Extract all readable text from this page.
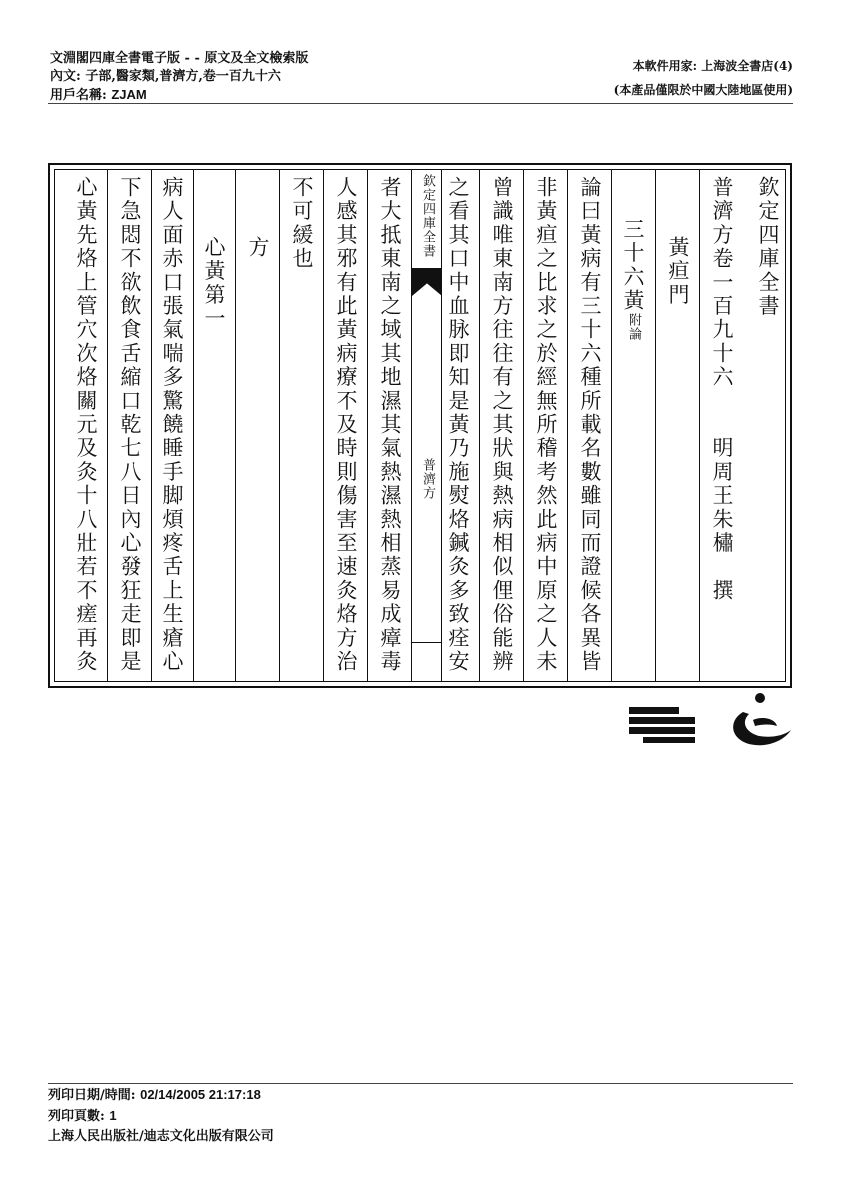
文淵閣四庫全書電子版 - - 原文及全文檢索版
內文: 子部,醫家類,普濟方,卷一百九十六
用戶名稱: ZJAM
本軟件用家: 上海波全書店(4)
(本產品僅限於中國大陸地區使用)
欽定四庫全書
普濟方卷一百九十六　　明周王朱橚　撰
黃疸門
三十六黃附論
論曰黃病有三十六種所載名數雖同而證候各異皆
非黃疸之比求之於經無所稽考然此病中原之人未
曾識唯東南方往往有之其狀與熱病相似俚俗能辨
之看其口中血脉即知是黃乃施熨烙鍼灸多致痊安
欽定四庫全書
普濟方
者大抵東南之域其地濕其氣熱濕熱相蒸易成瘴毒
人感其邪有此黃病療不及時則傷害至速灸烙方治
不可緩也
方
心黃第一
病人面赤口張氣喘多驚饒睡手脚煩疼舌上生瘡心
下急悶不欲飲食舌縮口乾七八日內心發狂走即是
心黃先烙上管穴次烙關元及灸十八壯若不瘥再灸
列印日期/時間: 02/14/2005 21:17:18
列印頁數: 1
上海人民出版社/迪志文化出版有限公司
